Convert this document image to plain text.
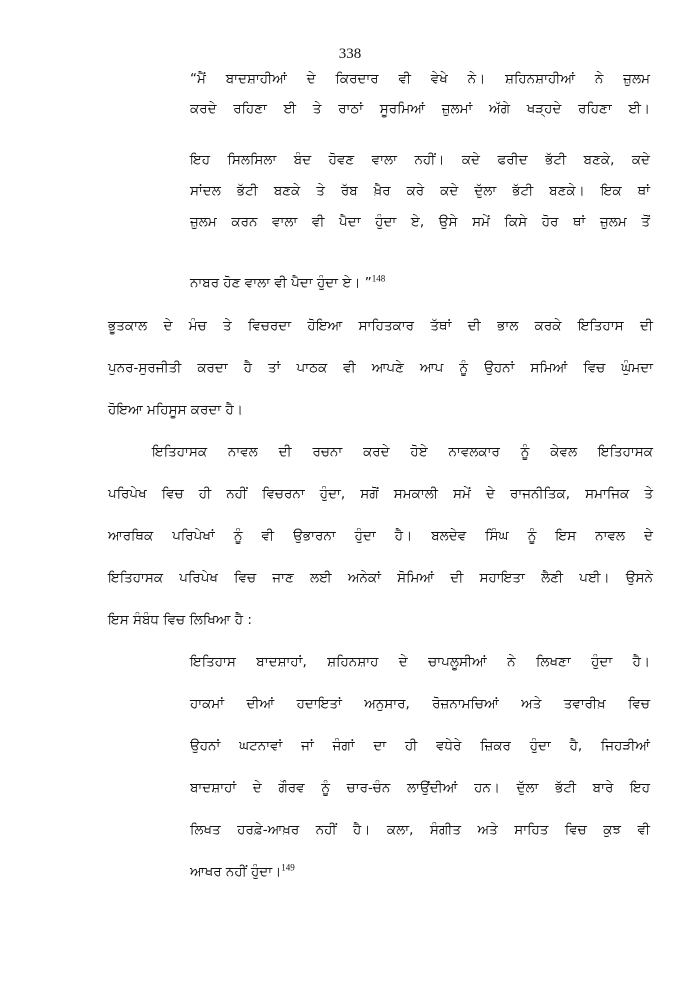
338
“ਮੈਂ ਬਾਦਸ਼ਾਹੀਆਂ ਦੇ ਕਿਰਦਾਰ ਵੀ ਵੇਖੇ ਨੇ। ਸ਼ਹਿਨਸ਼ਾਹੀਆਂ ਨੇ ਜ਼ੁਲਮ
ਕਰਦੇ ਰਹਿਣਾ ਈ ਤੇ ਰਾਠਾਂ ਸੂਰਮਿਆਂ ਜ਼ੁਲਮਾਂ ਅੱਗੇ ਖੜ੍ਹਦੇ ਰਹਿਣਾ ਈ।
ਇਹ ਸਿਲਸਿਲਾ ਬੰਦ ਹੋਵਣ ਵਾਲਾ ਨਹੀਂ। ਕਦੇ ਫਰੀਦ ਭੱਟੀ ਬਣਕੇ, ਕਦੇ
ਸਾਂਦਲ ਭੱਟੀ ਬਣਕੇ ਤੇ ਰੱਬ ਖ਼ੈਰ ਕਰੇ ਕਦੇ ਦੁੱਲਾ ਭੱਟੀ ਬਣਕੇ। ਇਕ ਥਾਂ
ਜ਼ੁਲਮ ਕਰਨ ਵਾਲਾ ਵੀ ਪੈਦਾ ਹੁੰਦਾ ਏ, ਉਸੇ ਸਮੇਂ ਕਿਸੇ ਹੋਰ ਥਾਂ ਜ਼ੁਲਮ ਤੋਂ
ਨਾਬਰ ਹੋਣ ਵਾਲਾ ਵੀ ਪੈਦਾ ਹੁੰਦਾ ਏ। ”$^{148}$
ਭੂਤਕਾਲ ਦੇ ਮੰਚ ਤੇ ਵਿਚਰਦਾ ਹੋਇਆ ਸਾਹਿਤਕਾਰ ਤੱਥਾਂ ਦੀ ਭਾਲ ਕਰਕੇ ਇਤਿਹਾਸ ਦੀ
ਪੁਨਰ-ਸੁਰਜੀਤੀ ਕਰਦਾ ਹੈ ਤਾਂ ਪਾਠਕ ਵੀ ਆਪਣੇ ਆਪ ਨੂੰ ਉਹਨਾਂ ਸਮਿਆਂ ਵਿਚ ਘੁੰਮਦਾ
ਹੋਇਆ ਮਹਿਸੂਸ ਕਰਦਾ ਹੈ।
ਇਤਿਹਾਸਕ ਨਾਵਲ ਦੀ ਰਚਨਾ ਕਰਦੇ ਹੋਏ ਨਾਵਲਕਾਰ ਨੂੰ ਕੇਵਲ ਇਤਿਹਾਸਕ
ਪਰਿਪੇਖ ਵਿਚ ਹੀ ਨਹੀਂ ਵਿਚਰਨਾ ਹੁੰਦਾ, ਸਗੋਂ ਸਮਕਾਲੀ ਸਮੇਂ ਦੇ ਰਾਜਨੀਤਿਕ, ਸਮਾਜਿਕ ਤੇ
ਆਰਥਿਕ ਪਰਿਪੇਖਾਂ ਨੂੰ ਵੀ ਉਭਾਰਨਾ ਹੁੰਦਾ ਹੈ। ਬਲਦੇਵ ਸਿੰਘ ਨੂੰ ਇਸ ਨਾਵਲ ਦੇ
ਇਤਿਹਾਸਕ ਪਰਿਪੇਖ ਵਿਚ ਜਾਣ ਲਈ ਅਨੇਕਾਂ ਸੋਮਿਆਂ ਦੀ ਸਹਾਇਤਾ ਲੈਣੀ ਪਈ। ਉਸਨੇ
ਇਸ ਸੰਬੰਧ ਵਿਚ ਲਿਖਿਆ ਹੈ :
ਇਤਿਹਾਸ ਬਾਦਸ਼ਾਹਾਂ, ਸ਼ਹਿਨਸ਼ਾਹ ਦੇ ਚਾਪਲੂਸੀਆਂ ਨੇ ਲਿਖਣਾ ਹੁੰਦਾ ਹੈ।
ਹਾਕਮਾਂ ਦੀਆਂ ਹਦਾਇਤਾਂ ਅਨੁਸਾਰ, ਰੋਜ਼ਨਾਮਚਿਆਂ ਅਤੇ ਤਵਾਰੀਖ਼ ਵਿਚ
ਉਹਨਾਂ ਘਟਨਾਵਾਂ ਜਾਂ ਜੰਗਾਂ ਦਾ ਹੀ ਵਧੇਰੇ ਜ਼ਿਕਰ ਹੁੰਦਾ ਹੈ, ਜਿਹੜੀਆਂ
ਬਾਦਸ਼ਾਹਾਂ ਦੇ ਗੌਰਵ ਨੂੰ ਚਾਰ-ਚੰਨ ਲਾਉਂਦੀਆਂ ਹਨ। ਦੁੱਲਾ ਭੱਟੀ ਬਾਰੇ ਇਹ
ਲਿਖਤ ਹਰਫ਼ੇ-ਆਖ਼ਰ ਨਹੀਂ ਹੈ। ਕਲਾ, ਸੰਗੀਤ ਅਤੇ ਸਾਹਿਤ ਵਿਚ ਕੁਝ ਵੀ
ਆਖਰ ਨਹੀਂ ਹੁੰਦਾ।$^{149}$
